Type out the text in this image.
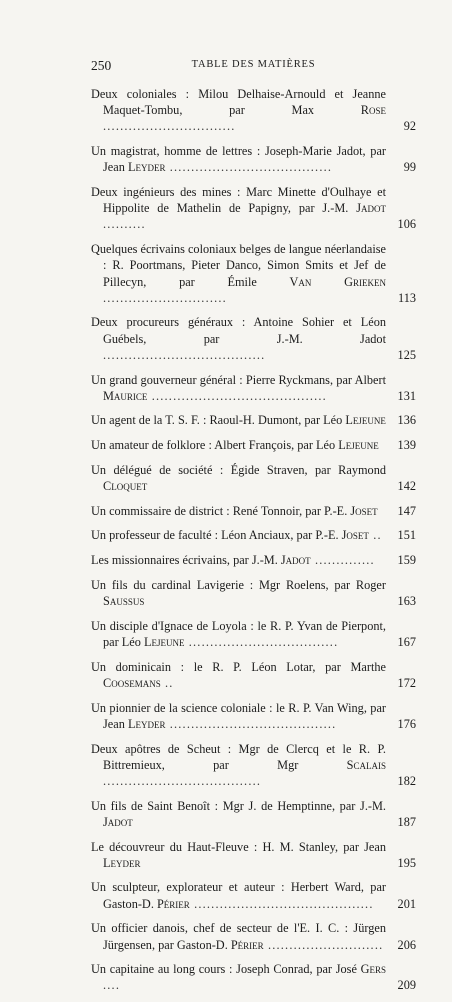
250	TABLE DES MATIÈRES
Deux coloniales : Milou Delhaise-Arnould et Jeanne Maquet-Tombu, par Max Rose ...............................	92
Un magistrat, homme de lettres : Joseph-Marie Jadot, par Jean Leyder ......................................	99
Deux ingénieurs des mines : Marc Minette d'Oulhaye et Hippolite de Mathelin de Papigny, par J.-M. Jadot ..........	106
Quelques écrivains coloniaux belges de langue néerlandaise : R. Poortmans, Pieter Danco, Simon Smits et Jef de Pillecyn, par Émile Van Grieken .............................	113
Deux procureurs généraux : Antoine Sohier et Léon Guébels, par J.-M. Jadot ......................................	125
Un grand gouverneur général : Pierre Ryckmans, par Albert Maurice .........................................	131
Un agent de la T. S. F. : Raoul-H. Dumont, par Léo Lejeune 136
Un amateur de folklore : Albert François, par Léo Lejeune 139
Un délégué de société : Égide Straven, par Raymond Cloquet	142
Un commissaire de district : René Tonnoir, par P.-E. Joset 147
Un professeur de faculté : Léon Anciaux, par P.-E. Joset .. 151
Les missionnaires écrivains, par J.-M. Jadot .............. 159
Un fils du cardinal Lavigerie : Mgr Roelens, par Roger Saussus	163
Un disciple d'Ignace de Loyola : le R. P. Yvan de Pierpont, par Léo Lejeune ...................................	167
Un dominicain : le R. P. Léon Lotar, par Marthe Coosemans ..	172
Un pionnier de la science coloniale : le R. P. Van Wing, par Jean Leyder .......................................	176
Deux apôtres de Scheut : Mgr de Clercq et le R. P. Bittremieux, par Mgr Scalais .....................................	182
Un fils de Saint Benoît : Mgr J. de Hemptinne, par J.-M. Jadot	187
Le découvreur du Haut-Fleuve : H. M. Stanley, par Jean Leyder	195
Un sculpteur, explorateur et auteur : Herbert Ward, par Gaston-D. Périer .......................................... 201
Un officier danois, chef de secteur de l'E. I. C. : Jürgen Jürgensen, par Gaston-D. Périer ........................... 206
Un capitaine au long cours : Joseph Conrad, par José Gers ....	209
